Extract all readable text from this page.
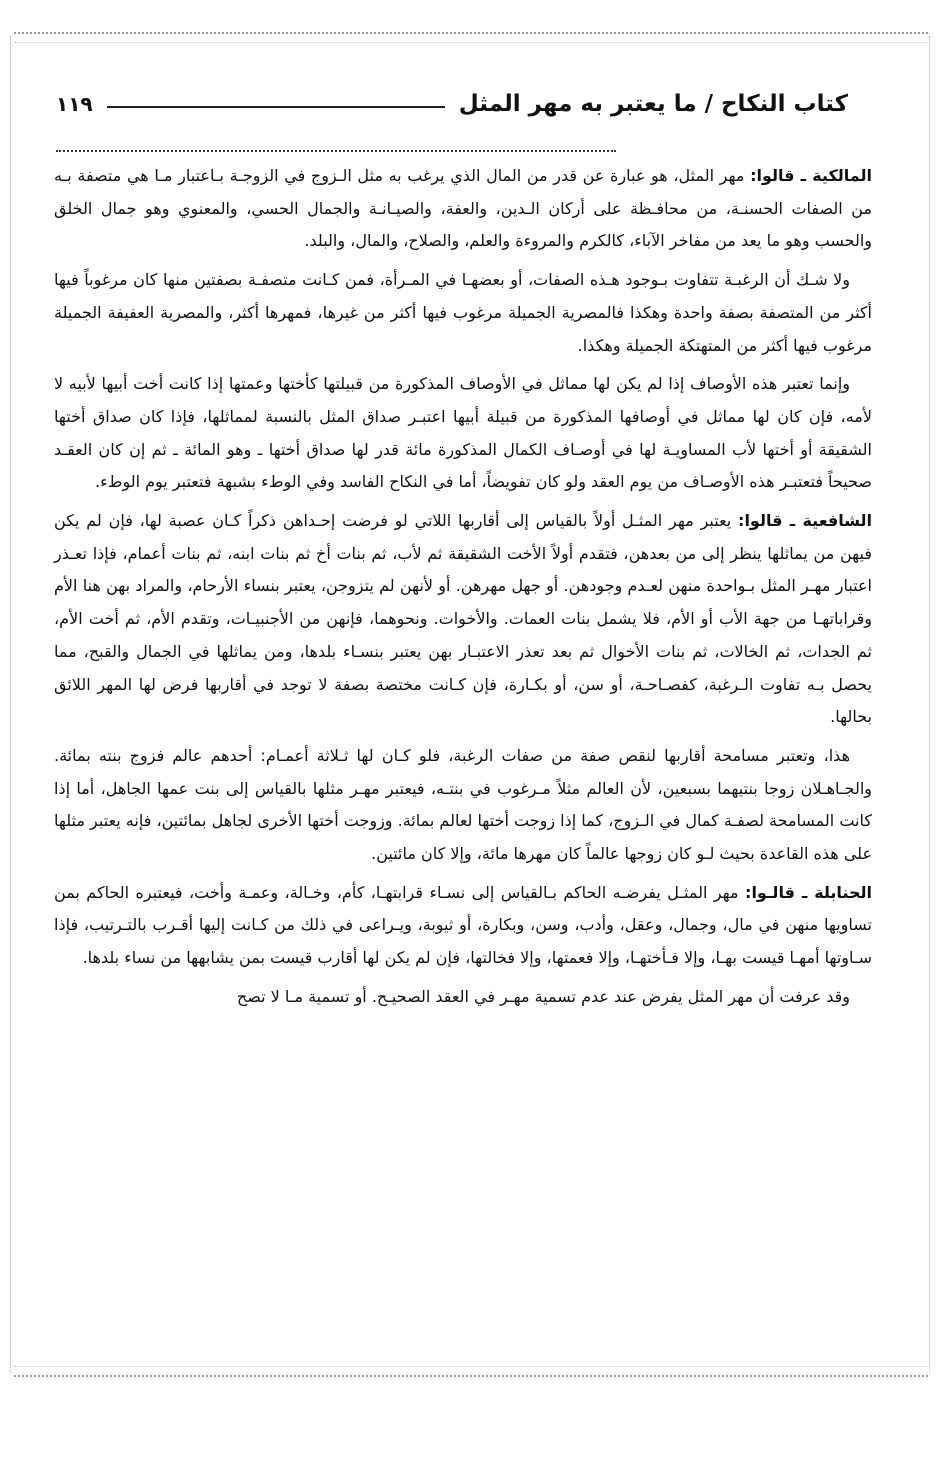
كتاب النكاح / ما يعتبر به مهر المثل
١١٩

المالكية ـ قالوا: مهر المثل، هو عبارة عن قدر من المال الذي يرغب به مثل الـزوج في الزوجـة بـاعتبار مـا هي متصفة بـه من الصفات الحسنـة، من محافـظة على أركان الـدين، والعفة، والصيـانـة والجمال الحسي، والمعنوي وهو جمال الخلق والحسب وهو ما يعد من مفاخر الآباء، كالكرم والمروءة والعلم، والصلاح، والمال، والبلد.

ولا شـك أن الرغبـة تتفاوت بـوجود هـذه الصفات، أو بعضهـا في المـرأة، فمن كـانت متصفـة بصفتين منها كان مرغوباً فيها أكثر من المتصفة بصفة واحدة وهكذا فالمصرية الجميلة مرغوب فيها أكثر من غيرها، فمهرها أكثر، والمصرية العفيفة الجميلة مرغوب فيها أكثر من المتهتكة الجميلة وهكذا.

وإنما تعتبر هذه الأوصاف إذا لم يكن لها مماثل في الأوصاف المذكورة من قبيلتها كأختها وعمتها إذا كانت أخت أبيها لأبيه لا لأمه، فإن كان لها مماثل في أوصافها المذكورة من قبيلة أبيها اعتبـر صداق المثل بالنسبة لمماثلها، فإذا كان صداق أختها الشقيقة أو أختها لأب المساويـة لها في أوصـاف الكمال المذكورة مائة قدر لها صداق أختها ـ وهو المائة ـ ثم إن كان العقـد صحيحاً فتعتبـر هذه الأوصـاف من يوم العقد ولو كان تفويضاً، أما في النكاح الفاسد وفي الوطء بشبهة فتعتبر يوم الوطء.

الشافعية ـ قالوا: يعتبر مهر المثـل أولاً بالقياس إلى أقاربها اللاتي لو فرضت إحـداهن ذكراً كـان عصبة لها، فإن لم يكن فيهن من يماثلها ينظر إلى من بعدهن، فتقدم أولاً الأخت الشقيقة ثم لأب، ثم بنات أخ ثم بنات ابنه، ثم بنات أعمام، فإذا تعـذر اعتبار مهـر المثل بـواحدة منهن لعـدم وجودهن. أو جهل مهرهن. أو لأنهن لم يتزوجن، يعتبر بنساء الأرحام، والمراد بهن هنا الأم وقراباتهـا من جهة الأب أو الأم، فلا يشمل بنات العمات. والأخوات. ونحوهما، فإنهن من الأجنبيـات، وتقدم الأم، ثم أخت الأم، ثم الجدات، ثم الخالات، ثم بنات الأخوال ثم بعد تعذر الاعتبـار بهن يعتبر بنسـاء بلدها، ومن يماثلها في الجمال والقبح، مما يحصل بـه تفاوت الـرغبة، كفصـاحـة، أو سن، أو بكـارة، فإن كـانت مختصة بصفة لا توجد في أقاربها فرض لها المهر اللائق بحالها.

هذا، وتعتبر مسامحة أقاربها لنقص صفة من صفات الرغبة، فلو كـان لها ثـلاثة أعمـام: أحدهم عالم فزوج بنته بمائة. والجـاهـلان زوجا بنتيهما بسبعين، لأن العالم مثلاً مـرغوب في بنتـه، فيعتبر مهـر مثلها بالقياس إلى بنت عمها الجاهل، أما إذا كانت المسامحة لصفـة كمال في الـزوج، كما إذا زوجت أختها لعالم بمائة. وزوجت أختها الأخرى لجاهل بمائتين، فإنه يعتبر مثلها على هذه القاعدة بحيث لـو كان زوجها عالماً كان مهرها مائة، وإلا كان مائتين.

الحنابلة ـ قالـوا: مهر المثـل يفرضـه الحاكم بـالقياس إلى نسـاء قرابتهـا، كأم، وخـالة، وعمـة وأخت، فيعتبره الحاكم بمن تساويها منهن في مال، وجمال، وعقل، وأدب، وسن، وبكارة، أو ثيوبة، ويـراعى في ذلك من كـانت إليها أقـرب بالتـرتيب، فإذا سـاوتها أمهـا قيست بهـا، وإلا فـأختهـا، وإلا فعمتها، وإلا فخالتها، فإن لم يكن لها أقارب قيست بمن يشابهها من نساء بلدها.

وقد عرفت أن مهر المثل يفرض عند عدم تسمية مهـر في العقد الصحيـح. أو تسمية مـا لا تصح
